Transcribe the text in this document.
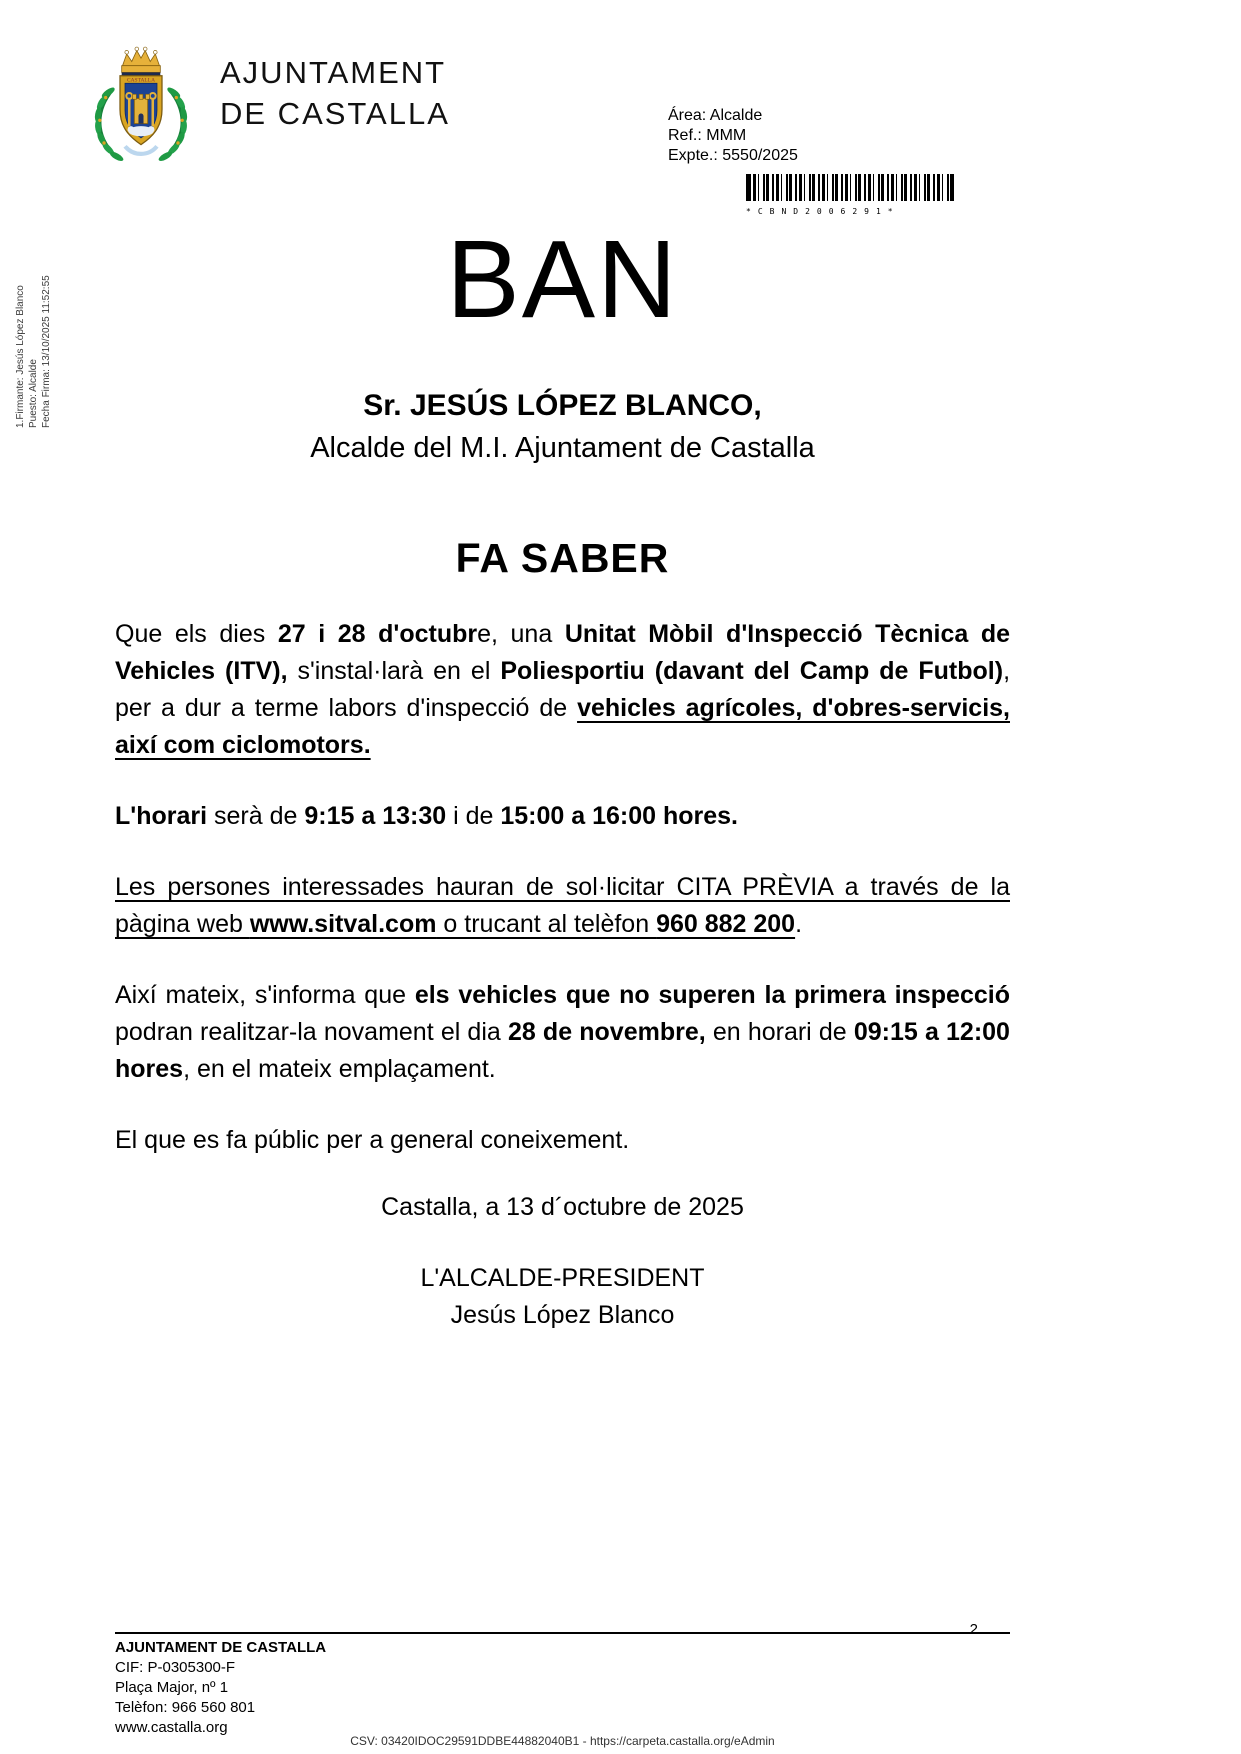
1.Firmante: Jesús López Blanco Puesto: Alcalde Fecha Firma: 13/10/2025 11:52:55
CASTALLA AJUNTAMENT
DE CASTALLA	Área: Alcalde
Ref.: MMM
Expte.: 5550/2025
*CBND2006291*
BAN
Sr. JESÚS LÓPEZ BLANCO,
Alcalde del M.I. Ajuntament de Castalla
FA SABER

Que els dies 27 i 28 d'octubre, una Unitat Mòbil d'Inspecció Tècnica de Vehicles (ITV), s'instal·larà en el Poliesportiu (davant del Camp de Futbol), per a dur a terme labors d'inspecció de vehicles agrícoles, d'obres-servicis, així com ciclomotors.

L'horari serà de 9:15 a 13:30 i de 15:00 a 16:00 hores.

Les persones interessades hauran de sol·licitar CITA PRÈVIA a través de la pàgina web www.sitval.com o trucant al telèfon 960 882 200.

Així mateix, s'informa que els vehicles que no superen la primera inspecció podran realitzar-la novament el dia 28 de novembre, en horari de 09:15 a 12:00 hores, en el mateix emplaçament.

El que es fa públic per a general coneixement.

Castalla, a 13 d´octubre de 2025
L'ALCALDE-PRESIDENT
Jesús López Blanco
2
AJUNTAMENT DE CASTALLA
CIF: P-0305300-F
Plaça Major, nº 1
Telèfon: 966 560 801
www.castalla.org
CSV: 03420IDOC29591DDBE44882040B1 - https://carpeta.castalla.org/eAdmin
